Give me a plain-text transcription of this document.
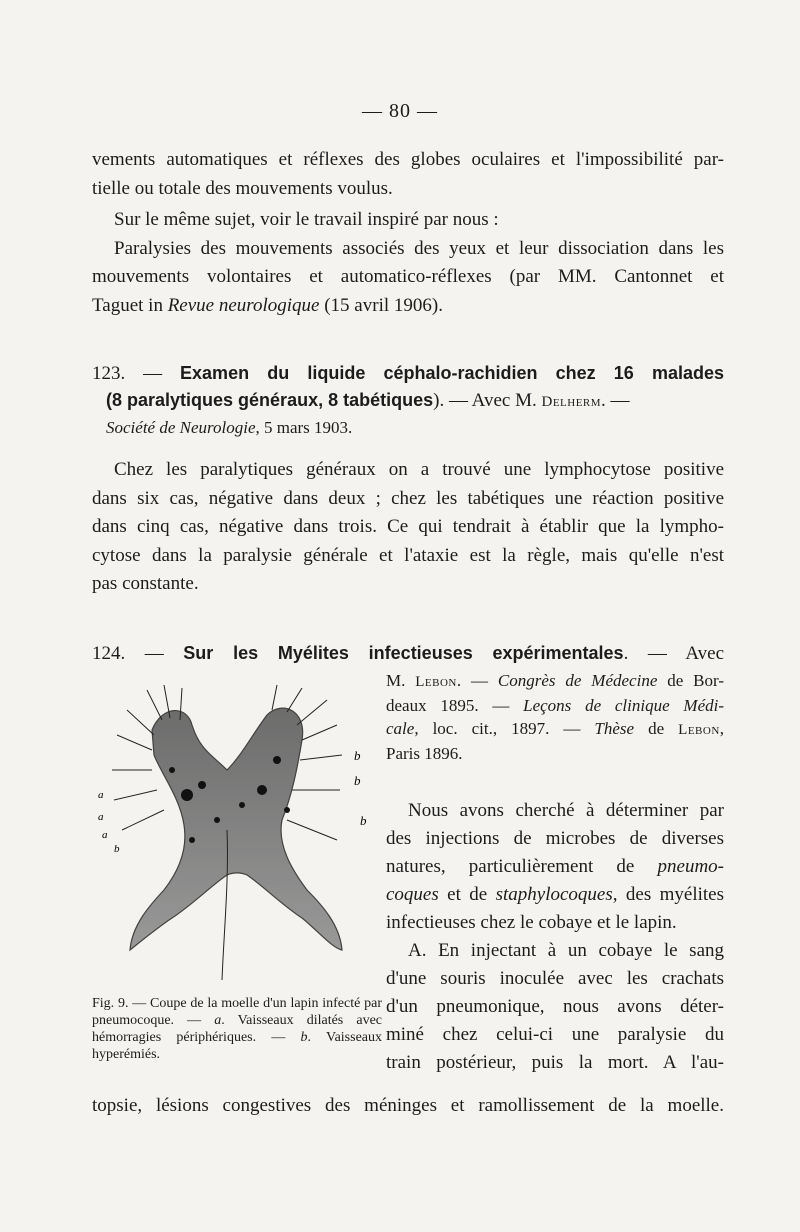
— 80 —
vements automatiques et réflexes des globes oculaires et l'impossibilité par-
tielle ou totale des mouvements voulus.
Sur le même sujet, voir le travail inspiré par nous :
Paralysies des mouvements associés des yeux et leur dissociation dans les
mouvements volontaires et automatico-réflexes (par MM. Cantonnet et
Taguet in Revue neurologique (15 avril 1906).
123. — Examen du liquide céphalo-rachidien chez 16 malades
(8 paralytiques généraux, 8 tabétiques). — Avec M. Delherm. —
Société de Neurologie, 5 mars 1903.
Chez les paralytiques généraux on a trouvé une lymphocytose positive
dans six cas, négative dans deux ; chez les tabétiques une réaction positive
dans cinq cas, négative dans trois. Ce qui tendrait à établir que la lympho-
cytose dans la paralysie générale et l'ataxie est la règle, mais qu'elle n'est
pas constante.
124. — Sur les Myélites infectieuses expérimentales. — Avec
M. Lebon. — Congrès de Médecine de Bor-
deaux 1895. — Leçons de clinique Médi-
cale, loc. cit., 1897. — Thèse de Lebon,
Paris 1896.
Nous avons cherché à déterminer par
des injections de microbes de diverses
natures, particulièrement de pneumo-
coques et de staphylocoques, des myélites
infectieuses chez le cobaye et le lapin.
A. En injectant à un cobaye le sang
d'une souris inoculée avec les crachats
d'un pneumonique, nous avons déter-
miné chez celui-ci une paralysie du
train postérieur, puis la mort. A l'au-
a
a
a
b
b
b
b
Fig. 9. — Coupe de la moelle d'un lapin infecté par pneumocoque. — a. Vaisseaux dilatés avec hémorragies périphériques. — b. Vaisseaux hyperémiés.
topsie, lésions congestives des méninges et ramollissement de la moelle.
